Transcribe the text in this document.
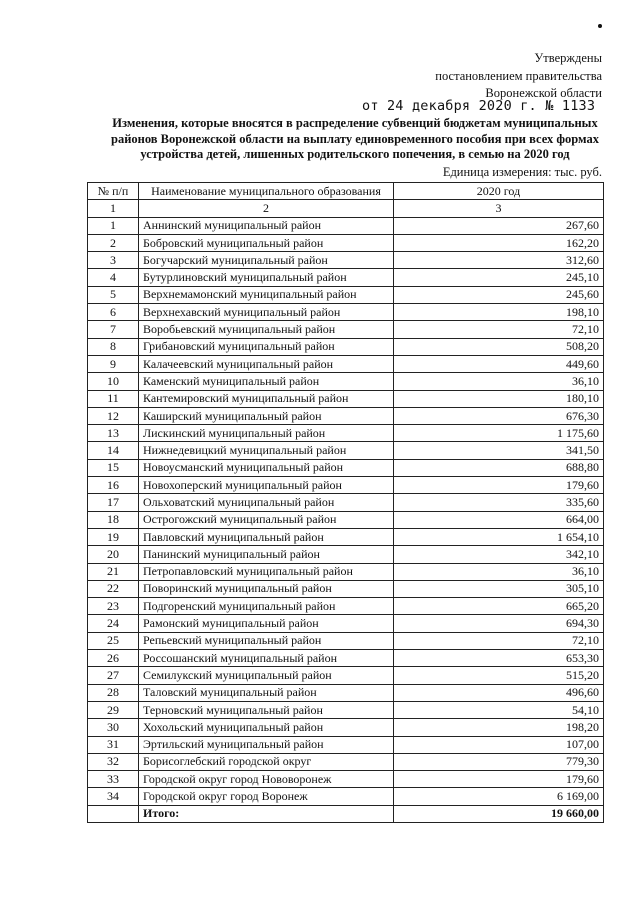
Утверждены
постановлением правительства
Воронежской области
от 24 декабря 2020 г. № 1133
Изменения, которые вносятся в распределение субвенций бюджетам муниципальных районов Воронежской области на выплату единовременного пособия при всех формах устройства детей, лишенных родительского попечения, в семью на 2020 год
Единица измерения: тыс. руб.
№ п/п	Наименование муниципального образования	2020 год
1	2	3
1	Аннинский муниципальный район	267,60
2	Бобровский муниципальный район	162,20
3	Богучарский муниципальный район	312,60
4	Бутурлиновский муниципальный район	245,10
5	Верхнемамонский муниципальный район	245,60
6	Верхнехавский муниципальный район	198,10
7	Воробьевский муниципальный район	72,10
8	Грибановский муниципальный район	508,20
9	Калачеевский муниципальный район	449,60
10	Каменский муниципальный район	36,10
11	Кантемировский муниципальный район	180,10
12	Каширский муниципальный район	676,30
13	Лискинский муниципальный район	1 175,60
14	Нижнедевицкий муниципальный район	341,50
15	Новоусманский муниципальный район	688,80
16	Новохоперский муниципальный район	179,60
17	Ольховатский муниципальный район	335,60
18	Острогожский муниципальный район	664,00
19	Павловский муниципальный район	1 654,10
20	Панинский муниципальный район	342,10
21	Петропавловский муниципальный район	36,10
22	Поворинский муниципальный район	305,10
23	Подгоренский муниципальный район	665,20
24	Рамонский муниципальный район	694,30
25	Репьевский муниципальный район	72,10
26	Россошанский муниципальный район	653,30
27	Семилукский муниципальный район	515,20
28	Таловский муниципальный район	496,60
29	Терновский муниципальный район	54,10
30	Хохольский муниципальный район	198,20
31	Эртильский муниципальный район	107,00
32	Борисоглебский городской округ	779,30
33	Городской округ город Нововоронеж	179,60
34	Городской округ город Воронеж	6 169,00
	Итого:	19 660,00
